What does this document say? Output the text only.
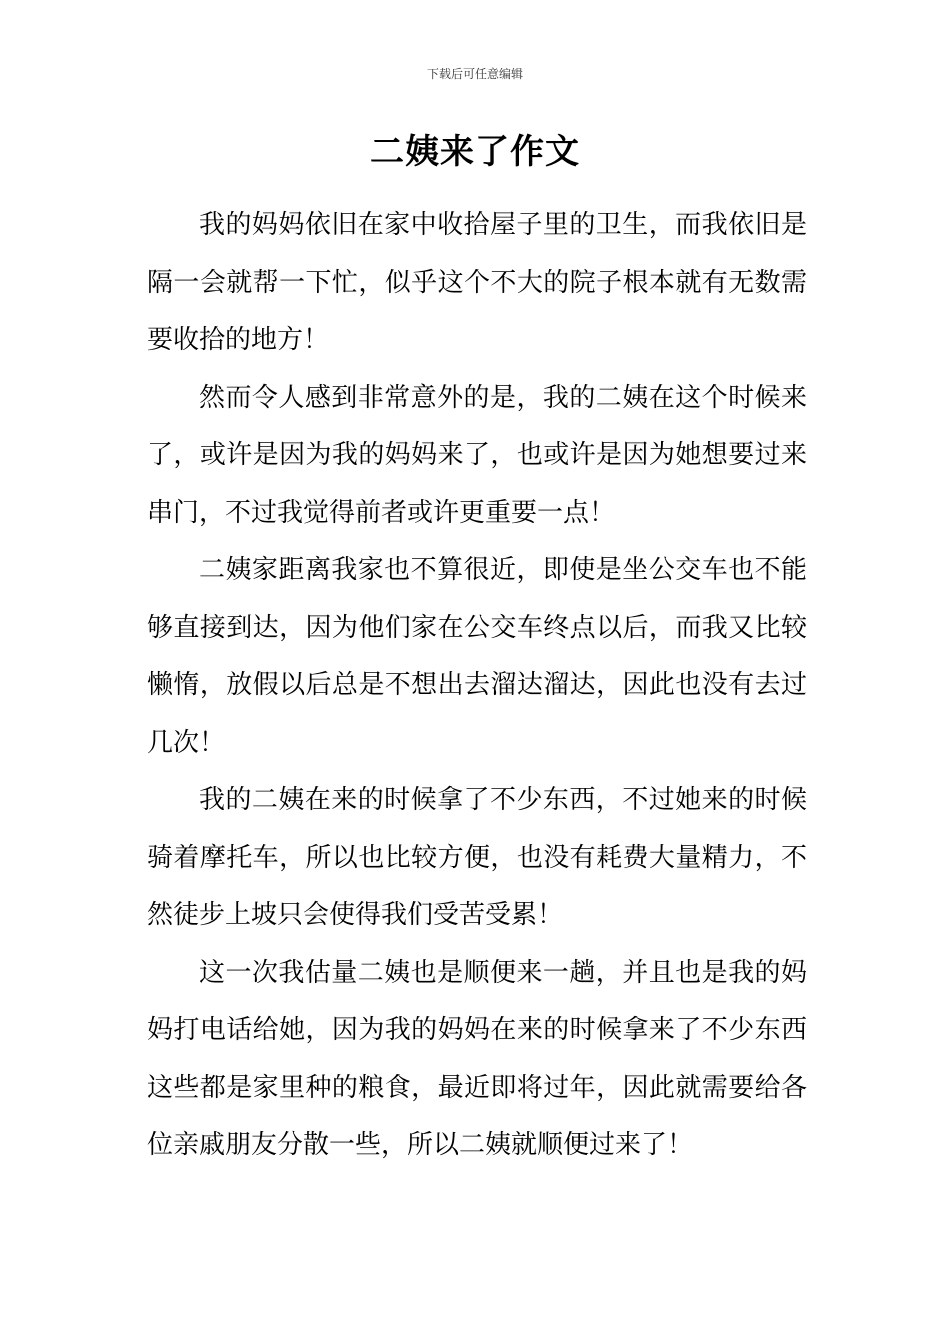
下载后可任意编辑
二姨来了作文

我的妈妈依旧在家中收拾屋子里的卫生，而我依旧是隔一会就帮一下忙，似乎这个不大的院子根本就有无数需要收拾的地方！

然而令人感到非常意外的是，我的二姨在这个时候来了，或许是因为我的妈妈来了，也或许是因为她想要过来串门，不过我觉得前者或许更重要一点！

二姨家距离我家也不算很近，即使是坐公交车也不能够直接到达，因为他们家在公交车终点以后，而我又比较懒惰，放假以后总是不想出去溜达溜达，因此也没有去过几次！

我的二姨在来的时候拿了不少东西，不过她来的时候骑着摩托车，所以也比较方便，也没有耗费大量精力，不然徒步上坡只会使得我们受苦受累！

这一次我估量二姨也是顺便来一趟，并且也是我的妈妈打电话给她，因为我的妈妈在来的时候拿来了不少东西这些都是家里种的粮食，最近即将过年，因此就需要给各位亲戚朋友分散一些，所以二姨就顺便过来了！
